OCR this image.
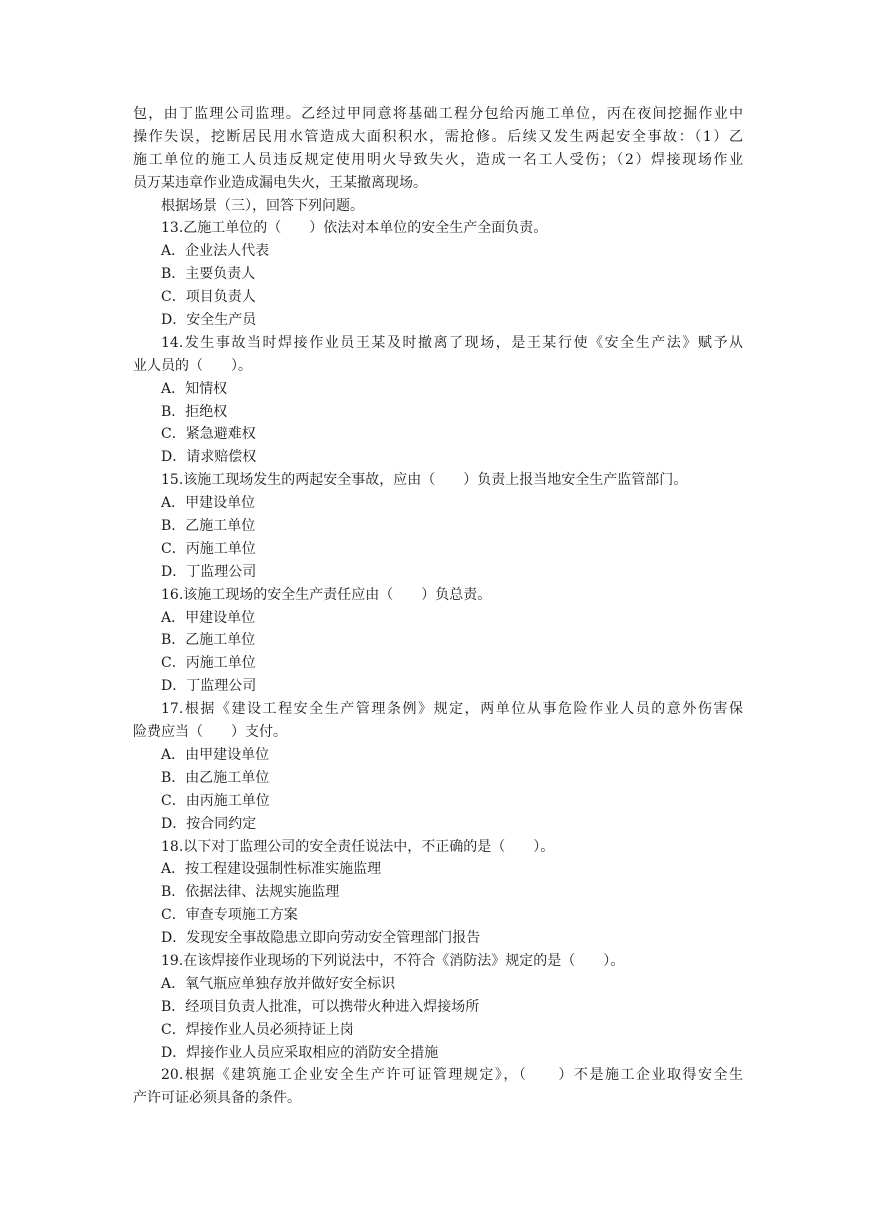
包，由丁监理公司监理。乙经过甲同意将基础工程分包给丙施工单位，丙在夜间挖掘作业中
操作失误，挖断居民用水管造成大面积积水，需抢修。后续又发生两起安全事故：（1）乙
施工单位的施工人员违反规定使用明火导致失火，造成一名工人受伤；（2）焊接现场作业
员万某违章作业造成漏电失火，王某撤离现场。
根据场景（三），回答下列问题。
13.乙施工单位的（　　）依法对本单位的安全生产全面负责。
A．企业法人代表
B．主要负责人
C．项目负责人
D．安全生产员
14.发生事故当时焊接作业员王某及时撤离了现场，是王某行使《安全生产法》赋予从
业人员的（　　）。
A．知情权
B．拒绝权
C．紧急避难权
D．请求赔偿权
15.该施工现场发生的两起安全事故，应由（　　）负责上报当地安全生产监管部门。
A．甲建设单位
B．乙施工单位
C．丙施工单位
D．丁监理公司
16.该施工现场的安全生产责任应由（　　）负总责。
A．甲建设单位
B．乙施工单位
C．丙施工单位
D．丁监理公司
17.根据《建设工程安全生产管理条例》规定，两单位从事危险作业人员的意外伤害保
险费应当（　　）支付。
A．由甲建设单位
B．由乙施工单位
C．由丙施工单位
D．按合同约定
18.以下对丁监理公司的安全责任说法中，不正确的是（　　）。
A．按工程建设强制性标准实施监理
B．依据法律、法规实施监理
C．审查专项施工方案
D．发现安全事故隐患立即向劳动安全管理部门报告
19.在该焊接作业现场的下列说法中，不符合《消防法》规定的是（　　）。
A．氧气瓶应单独存放并做好安全标识
B．经项目负责人批准，可以携带火种进入焊接场所
C．焊接作业人员必须持证上岗
D．焊接作业人员应采取相应的消防安全措施
20.根据《建筑施工企业安全生产许可证管理规定》，（　　）不是施工企业取得安全生
产许可证必须具备的条件。
